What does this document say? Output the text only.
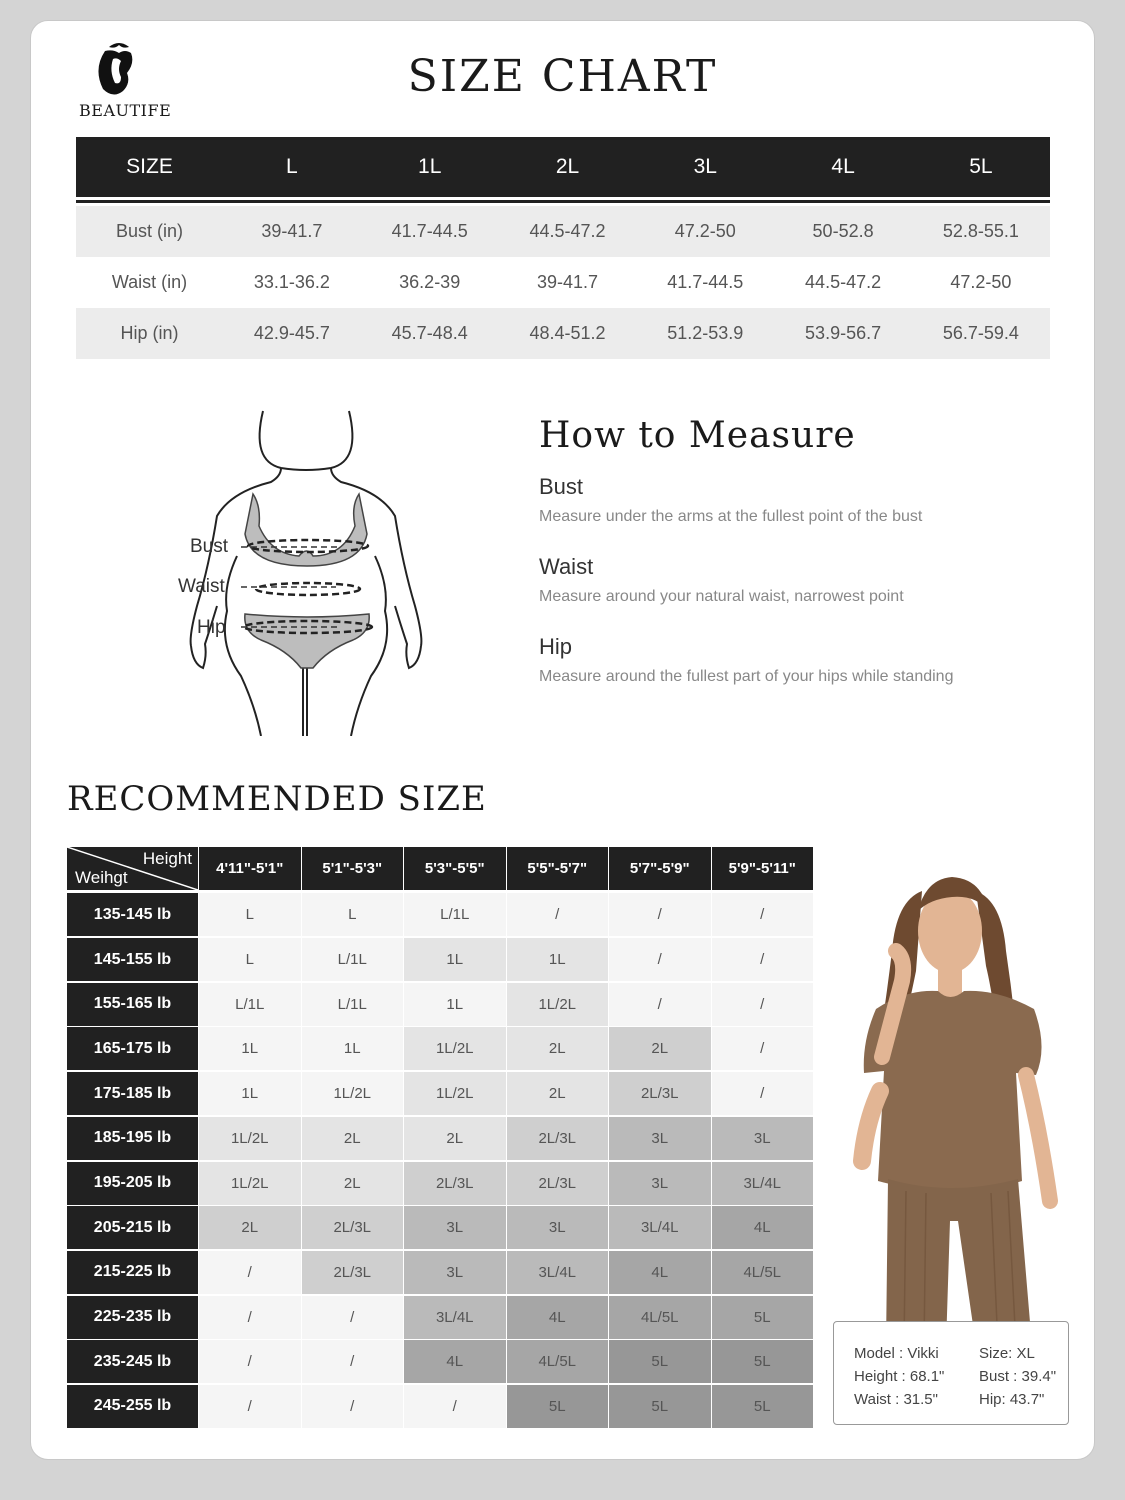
BEAUTIFE
SIZE CHART
SIZE	L	1L	2L	3L	4L	5L
Bust (in)	39-41.7	41.7-44.5	44.5-47.2	47.2-50	50-52.8	52.8-55.1
Waist (in)	33.1-36.2	36.2-39	39-41.7	41.7-44.5	44.5-47.2	47.2-50
Hip (in)	42.9-45.7	45.7-48.4	48.4-51.2	51.2-53.9	53.9-56.7	56.7-59.4
Bust
Waist
Hip
How to Measure
Bust
Measure under the arms at the fullest point of the bust
Waist
Measure around your natural waist, narrowest point
Hip
Measure around the fullest part of your hips while standing
RECOMMENDED SIZE
Height
Weihgt	4'11"-5'1"	5'1"-5'3"	5'3"-5'5"	5'5"-5'7"	5'7"-5'9"	5'9"-5'11"
135-145 lb	L	L	L/1L	/	/	/
145-155 lb	L	L/1L	1L	1L	/	/
155-165 lb	L/1L	L/1L	1L	1L/2L	/	/
165-175 lb	1L	1L	1L/2L	2L	2L	/
175-185 lb	1L	1L/2L	1L/2L	2L	2L/3L	/
185-195 lb	1L/2L	2L	2L	2L/3L	3L	3L
195-205 lb	1L/2L	2L	2L/3L	2L/3L	3L	3L/4L
205-215 lb	2L	2L/3L	3L	3L	3L/4L	4L
215-225 lb	/	2L/3L	3L	3L/4L	4L	4L/5L
225-235 lb	/	/	3L/4L	4L	4L/5L	5L
235-245 lb	/	/	4L	4L/5L	5L	5L
245-255 lb	/	/	/	5L	5L	5L
Model : Vikki
Height : 68.1"
Waist : 31.5"
Size: XL
Bust : 39.4"
Hip: 43.7"
